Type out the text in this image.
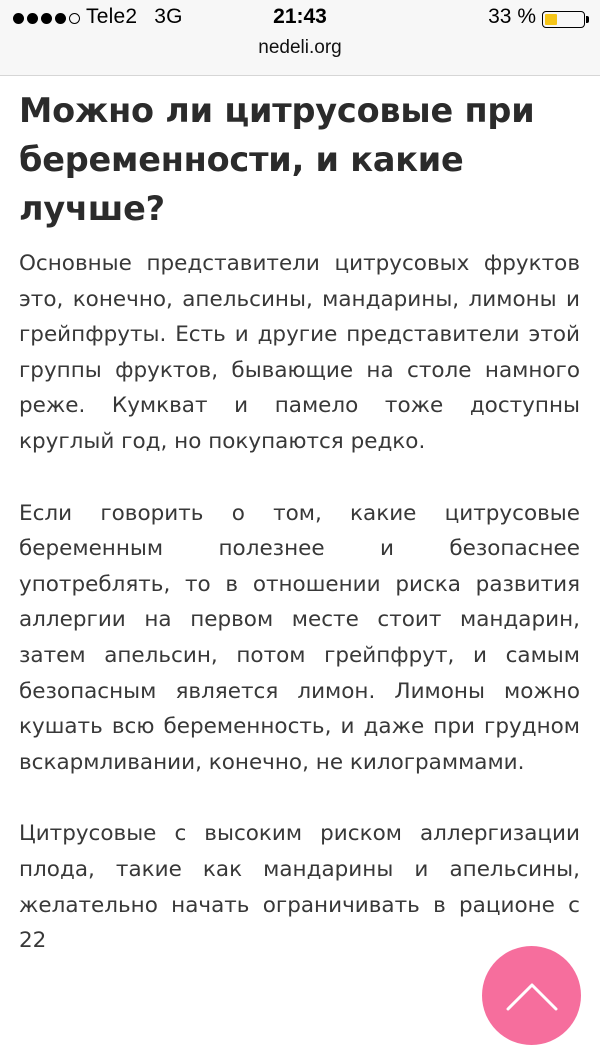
Tele2 3G	21:43	33 %
nedeli.org
Можно ли цитрусовые при беременности, и какие лучше?

Основные представители цитрусовых фруктов это, конечно, апельсины, мандарины, лимоны и грейпфруты. Есть и другие представители этой группы фруктов, бывающие на столе намного реже. Кумкват и памело тоже доступны круглый год, но покупаются редко.

Если говорить о том, какие цитрусовые беременным полезнее и безопаснее употреблять, то в отношении риска развития аллергии на первом месте стоит мандарин, затем апельсин, потом грейпфрут, и самым безопасным является лимон. Лимоны можно кушать всю беременность, и даже при грудном вскармливании, конечно, не килограммами.

Цитрусовые с высоким риском аллергизации плода, такие как мандарины и апельсины, желательно начать ограничивать в рационе с 22
